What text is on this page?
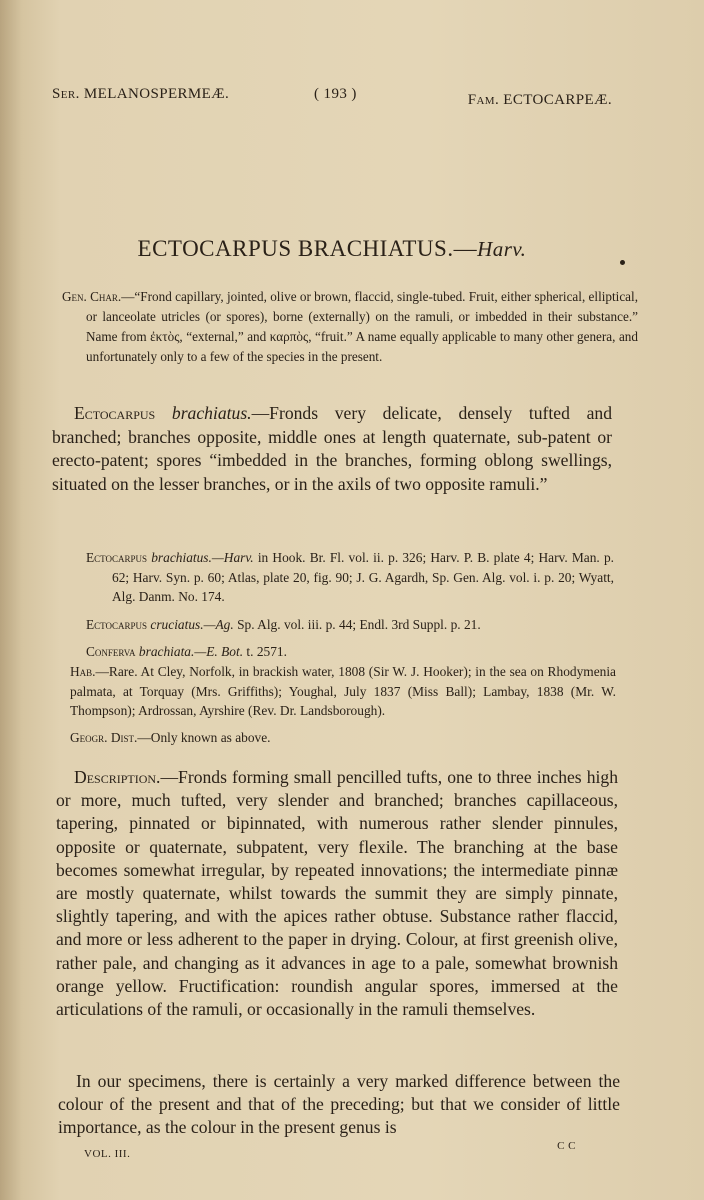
Ser. MELANOSPERMEÆ.	( 193 )	Fam. ECTOCARPEÆ.
ECTOCARPUS BRACHIATUS.—Harv.
Gen. Char.—“Frond capillary, jointed, olive or brown, flaccid, single-tubed. Fruit, either spherical, elliptical, or lanceolate utricles (or spores), borne (externally) on the ramuli, or imbedded in their substance.” Name from ἐκτὸς, “external,” and καρπὸς, “fruit.” A name equally applicable to many other genera, and unfortunately only to a few of the species in the present.
Ectocarpus brachiatus.—Fronds very delicate, densely tufted and branched; branches opposite, middle ones at length quaternate, sub-patent or erecto-patent; spores “imbedded in the branches, forming oblong swellings, situated on the lesser branches, or in the axils of two opposite ramuli.”

Ectocarpus brachiatus.—Harv. in Hook. Br. Fl. vol. ii. p. 326; Harv. P. B. plate 4; Harv. Man. p. 62; Harv. Syn. p. 60; Atlas, plate 20, fig. 90; J. G. Agardh, Sp. Gen. Alg. vol. i. p. 20; Wyatt, Alg. Danm. No. 174.

Ectocarpus cruciatus.—Ag. Sp. Alg. vol. iii. p. 44; Endl. 3rd Suppl. p. 21.

Conferva brachiata.—E. Bot. t. 2571.

Hab.—Rare. At Cley, Norfolk, in brackish water, 1808 (Sir W. J. Hooker); in the sea on Rhodymenia palmata, at Torquay (Mrs. Griffiths); Youghal, July 1837 (Miss Ball); Lambay, 1838 (Mr. W. Thompson); Ardrossan, Ayrshire (Rev. Dr. Landsborough).
Geogr. Dist.—Only known as above.
Description.—Fronds forming small pencilled tufts, one to three inches high or more, much tufted, very slender and branched; branches capillaceous, tapering, pinnated or bipinnated, with numerous rather slender pinnules, opposite or quaternate, subpatent, very flexile. The branching at the base becomes somewhat irregular, by repeated innovations; the intermediate pinnæ are mostly quaternate, whilst towards the summit they are simply pinnate, slightly tapering, and with the apices rather obtuse. Substance rather flaccid, and more or less adherent to the paper in drying. Colour, at first greenish olive, rather pale, and changing as it advances in age to a pale, somewhat brownish orange yellow. Fructification: roundish angular spores, immersed at the articulations of the ramuli, or occasionally in the ramuli themselves.
In our specimens, there is certainly a very marked difference between the colour of the present and that of the preceding; but that we consider of little importance, as the colour in the present genus is
VOL. III.
C C
